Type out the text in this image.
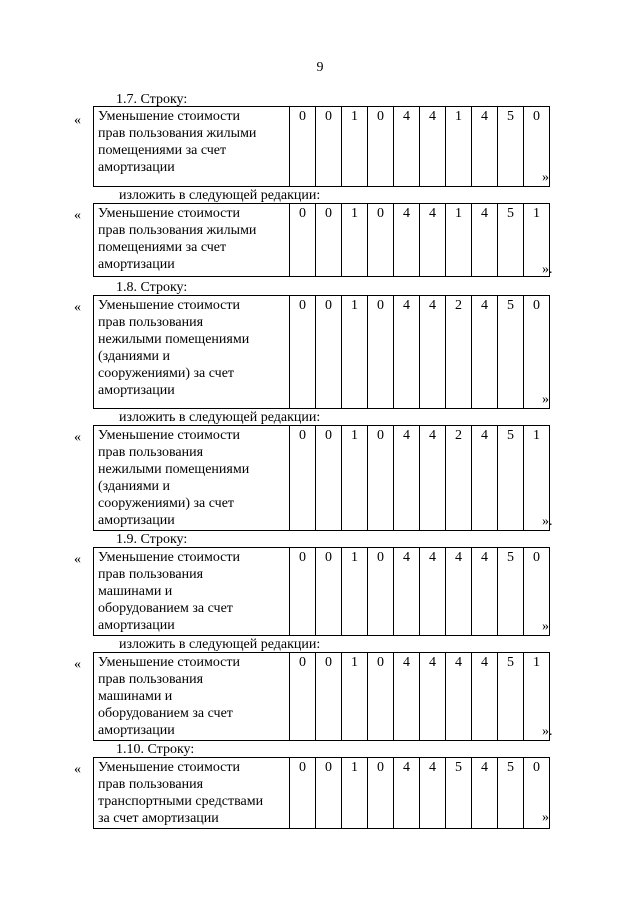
9
1.7. Строку:
« Уменьшение стоимости
прав пользования жилыми
помещениями за счет
амортизации
	0	0	1	0	4	4	1	4	5	0
»
изложить в следующей редакции:
« Уменьшение стоимости
прав пользования жилыми
помещениями за счет
амортизации
	0	0	1	0	4	4	1	4	5	1
».
1.8. Строку:
« Уменьшение стоимости
прав пользования
нежилыми помещениями
(зданиями и
сооружениями) за счет
амортизации
	0	0	1	0	4	4	2	4	5	0
»
изложить в следующей редакции:
« Уменьшение стоимости
прав пользования
нежилыми помещениями
(зданиями и
сооружениями) за счет
амортизации
	0	0	1	0	4	4	2	4	5	1
».
1.9. Строку:
« Уменьшение стоимости
прав пользования
машинами и
оборудованием за счет
амортизации
	0	0	1	0	4	4	4	4	5	0
»
изложить в следующей редакции:
« Уменьшение стоимости
прав пользования
машинами и
оборудованием за счет
амортизации
	0	0	1	0	4	4	4	4	5	1
».
1.10. Строку:
« Уменьшение стоимости
прав пользования
транспортными средствами
за счет амортизации
	0	0	1	0	4	4	5	4	5	0
»
